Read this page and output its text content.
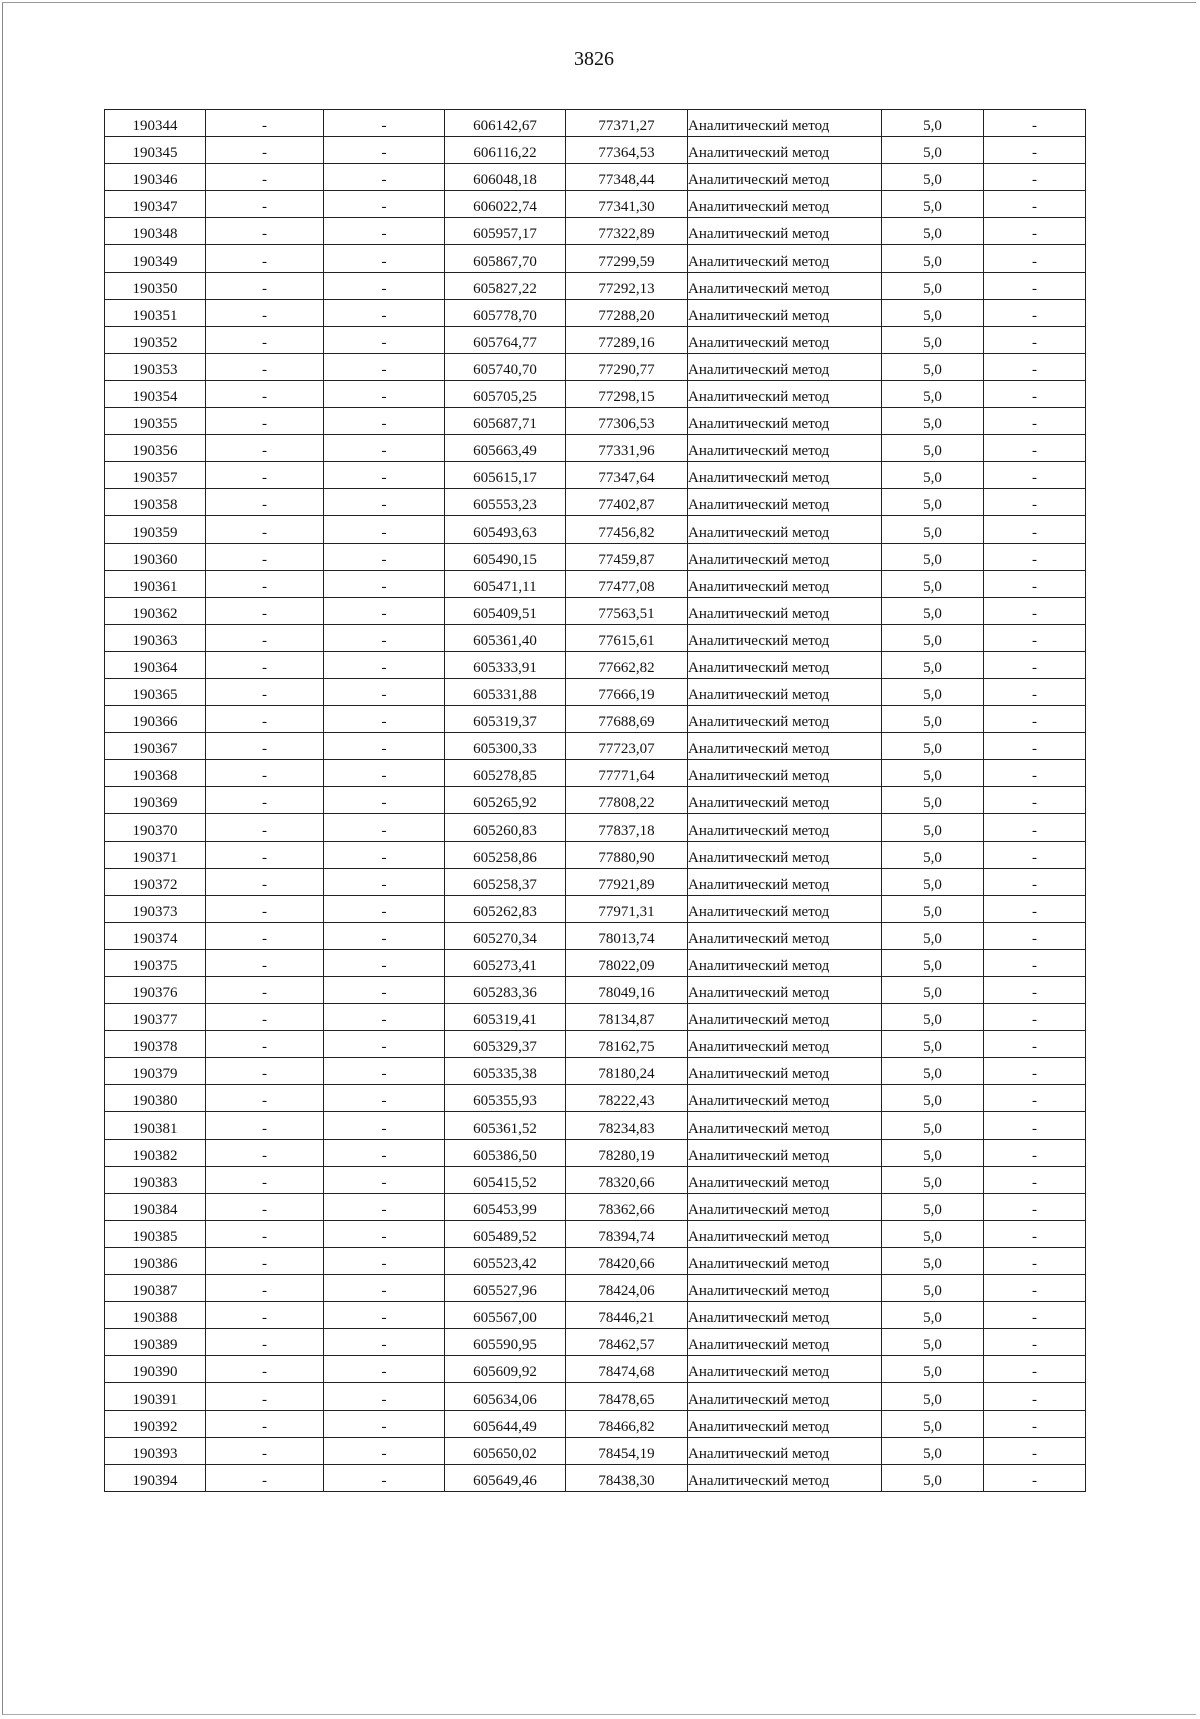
3826
190344	-	-	606142,67	77371,27	Аналитический метод	5,0	-
190345	-	-	606116,22	77364,53	Аналитический метод	5,0	-
190346	-	-	606048,18	77348,44	Аналитический метод	5,0	-
190347	-	-	606022,74	77341,30	Аналитический метод	5,0	-
190348	-	-	605957,17	77322,89	Аналитический метод	5,0	-
190349	-	-	605867,70	77299,59	Аналитический метод	5,0	-
190350	-	-	605827,22	77292,13	Аналитический метод	5,0	-
190351	-	-	605778,70	77288,20	Аналитический метод	5,0	-
190352	-	-	605764,77	77289,16	Аналитический метод	5,0	-
190353	-	-	605740,70	77290,77	Аналитический метод	5,0	-
190354	-	-	605705,25	77298,15	Аналитический метод	5,0	-
190355	-	-	605687,71	77306,53	Аналитический метод	5,0	-
190356	-	-	605663,49	77331,96	Аналитический метод	5,0	-
190357	-	-	605615,17	77347,64	Аналитический метод	5,0	-
190358	-	-	605553,23	77402,87	Аналитический метод	5,0	-
190359	-	-	605493,63	77456,82	Аналитический метод	5,0	-
190360	-	-	605490,15	77459,87	Аналитический метод	5,0	-
190361	-	-	605471,11	77477,08	Аналитический метод	5,0	-
190362	-	-	605409,51	77563,51	Аналитический метод	5,0	-
190363	-	-	605361,40	77615,61	Аналитический метод	5,0	-
190364	-	-	605333,91	77662,82	Аналитический метод	5,0	-
190365	-	-	605331,88	77666,19	Аналитический метод	5,0	-
190366	-	-	605319,37	77688,69	Аналитический метод	5,0	-
190367	-	-	605300,33	77723,07	Аналитический метод	5,0	-
190368	-	-	605278,85	77771,64	Аналитический метод	5,0	-
190369	-	-	605265,92	77808,22	Аналитический метод	5,0	-
190370	-	-	605260,83	77837,18	Аналитический метод	5,0	-
190371	-	-	605258,86	77880,90	Аналитический метод	5,0	-
190372	-	-	605258,37	77921,89	Аналитический метод	5,0	-
190373	-	-	605262,83	77971,31	Аналитический метод	5,0	-
190374	-	-	605270,34	78013,74	Аналитический метод	5,0	-
190375	-	-	605273,41	78022,09	Аналитический метод	5,0	-
190376	-	-	605283,36	78049,16	Аналитический метод	5,0	-
190377	-	-	605319,41	78134,87	Аналитический метод	5,0	-
190378	-	-	605329,37	78162,75	Аналитический метод	5,0	-
190379	-	-	605335,38	78180,24	Аналитический метод	5,0	-
190380	-	-	605355,93	78222,43	Аналитический метод	5,0	-
190381	-	-	605361,52	78234,83	Аналитический метод	5,0	-
190382	-	-	605386,50	78280,19	Аналитический метод	5,0	-
190383	-	-	605415,52	78320,66	Аналитический метод	5,0	-
190384	-	-	605453,99	78362,66	Аналитический метод	5,0	-
190385	-	-	605489,52	78394,74	Аналитический метод	5,0	-
190386	-	-	605523,42	78420,66	Аналитический метод	5,0	-
190387	-	-	605527,96	78424,06	Аналитический метод	5,0	-
190388	-	-	605567,00	78446,21	Аналитический метод	5,0	-
190389	-	-	605590,95	78462,57	Аналитический метод	5,0	-
190390	-	-	605609,92	78474,68	Аналитический метод	5,0	-
190391	-	-	605634,06	78478,65	Аналитический метод	5,0	-
190392	-	-	605644,49	78466,82	Аналитический метод	5,0	-
190393	-	-	605650,02	78454,19	Аналитический метод	5,0	-
190394	-	-	605649,46	78438,30	Аналитический метод	5,0	-
